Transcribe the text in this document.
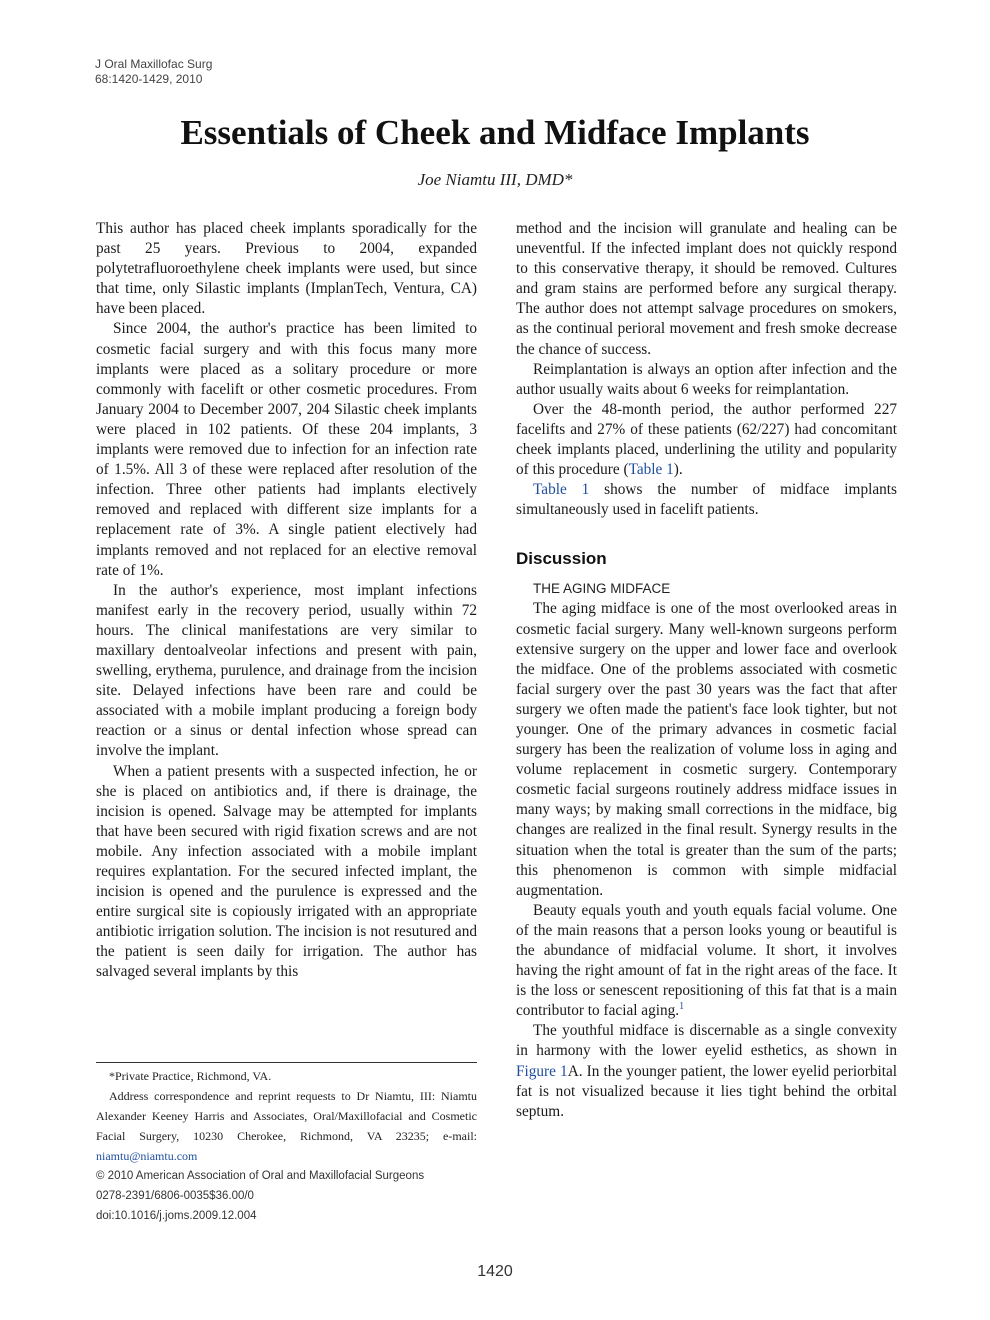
J Oral Maxillofac Surg
68:1420-1429, 2010
Essentials of Cheek and Midface Implants
Joe Niamtu III, DMD*

This author has placed cheek implants sporadically for the past 25 years. Previous to 2004, expanded polytetrafluoroethylene cheek implants were used, but since that time, only Silastic implants (ImplanTech, Ventura, CA) have been placed.

Since 2004, the author's practice has been limited to cosmetic facial surgery and with this focus many more implants were placed as a solitary procedure or more commonly with facelift or other cosmetic procedures. From January 2004 to December 2007, 204 Silastic cheek implants were placed in 102 patients. Of these 204 implants, 3 implants were removed due to infection for an infection rate of 1.5%. All 3 of these were replaced after resolution of the infection. Three other patients had implants electively removed and replaced with different size implants for a replacement rate of 3%. A single patient electively had implants removed and not replaced for an elective removal rate of 1%.

In the author's experience, most implant infections manifest early in the recovery period, usually within 72 hours. The clinical manifestations are very similar to maxillary dentoalveolar infections and present with pain, swelling, erythema, purulence, and drainage from the incision site. Delayed infections have been rare and could be associated with a mobile implant producing a foreign body reaction or a sinus or dental infection whose spread can involve the implant.

When a patient presents with a suspected infection, he or she is placed on antibiotics and, if there is drainage, the incision is opened. Salvage may be attempted for implants that have been secured with rigid fixation screws and are not mobile. Any infection associated with a mobile implant requires explantation. For the secured infected implant, the incision is opened and the purulence is expressed and the entire surgical site is copiously irrigated with an appropriate antibiotic irrigation solution. The incision is not resutured and the patient is seen daily for irrigation. The author has salvaged several implants by this

method and the incision will granulate and healing can be uneventful. If the infected implant does not quickly respond to this conservative therapy, it should be removed. Cultures and gram stains are performed before any surgical therapy. The author does not attempt salvage procedures on smokers, as the continual perioral movement and fresh smoke decrease the chance of success.

Reimplantation is always an option after infection and the author usually waits about 6 weeks for reimplantation.

Over the 48-month period, the author performed 227 facelifts and 27% of these patients (62/227) had concomitant cheek implants placed, underlining the utility and popularity of this procedure (Table 1).

Table 1 shows the number of midface implants simultaneously used in facelift patients.

Discussion
THE AGING MIDFACE

The aging midface is one of the most overlooked areas in cosmetic facial surgery. Many well-known surgeons perform extensive surgery on the upper and lower face and overlook the midface. One of the problems associated with cosmetic facial surgery over the past 30 years was the fact that after surgery we often made the patient's face look tighter, but not younger. One of the primary advances in cosmetic facial surgery has been the realization of volume loss in aging and volume replacement in cosmetic surgery. Contemporary cosmetic facial surgeons routinely address midface issues in many ways; by making small corrections in the midface, big changes are realized in the final result. Synergy results in the situation when the total is greater than the sum of the parts; this phenomenon is common with simple midfacial augmentation.

Beauty equals youth and youth equals facial volume. One of the main reasons that a person looks young or beautiful is the abundance of midfacial volume. It short, it involves having the right amount of fat in the right areas of the face. It is the loss or senescent repositioning of this fat that is a main contributor to facial aging.$^1$

The youthful midface is discernable as a single convexity in harmony with the lower eyelid esthetics, as shown in Figure 1A. In the younger patient, the lower eyelid periorbital fat is not visualized because it lies tight behind the orbital septum.

*Private Practice, Richmond, VA.

Address correspondence and reprint requests to Dr Niamtu, III: Niamtu Alexander Keeney Harris and Associates, Oral/Maxillofacial and Cosmetic Facial Surgery, 10230 Cherokee, Richmond, VA 23235; e-mail: niamtu@niamtu.com

© 2010 American Association of Oral and Maxillofacial Surgeons

0278-2391/6806-0035$36.00/0

doi:10.1016/j.joms.2009.12.004

1420
